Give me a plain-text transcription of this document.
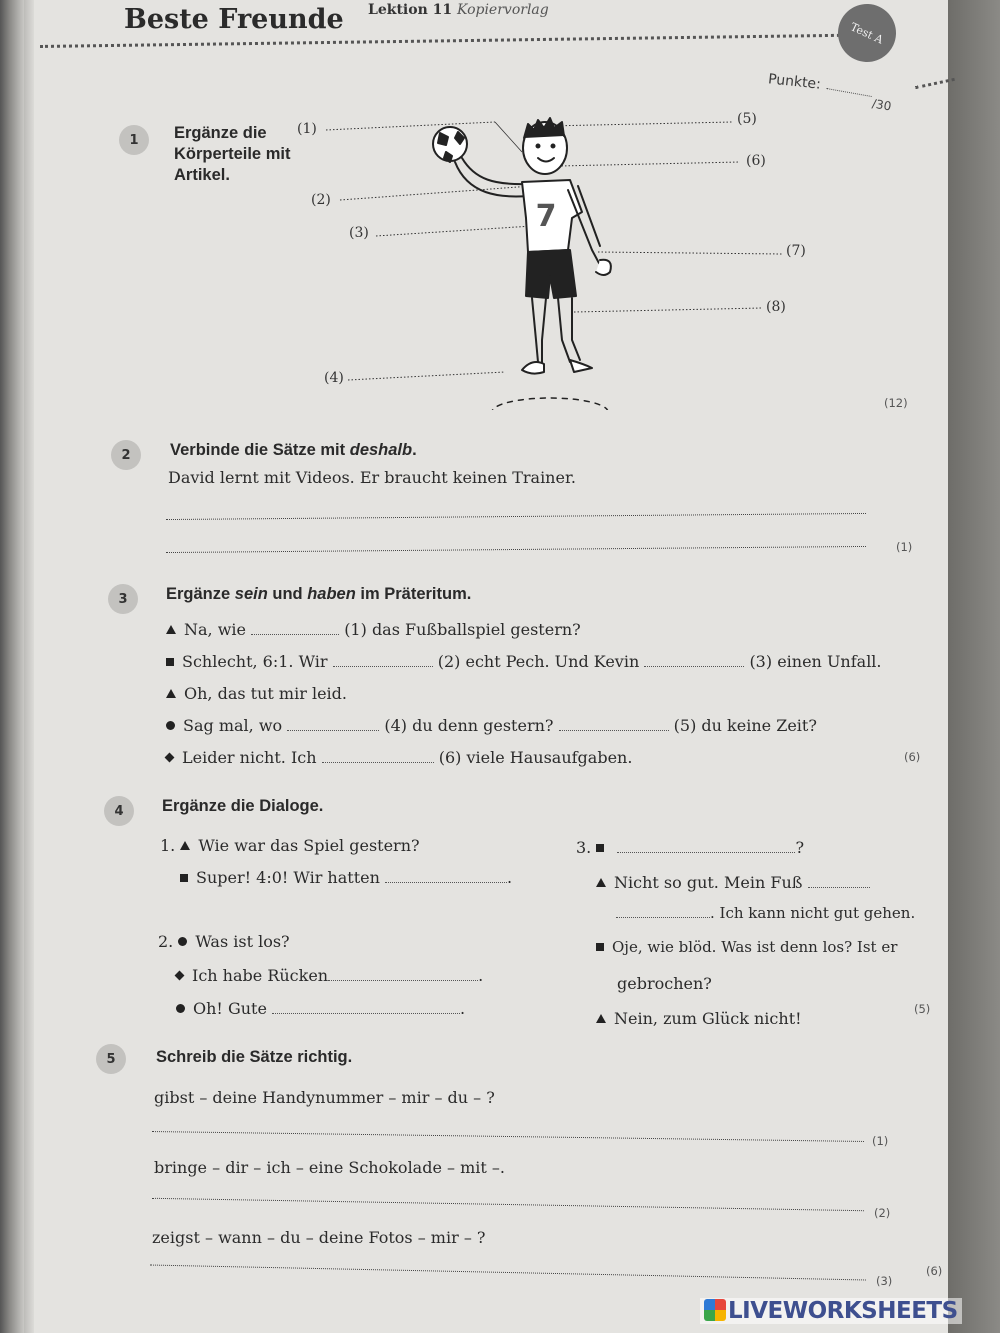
Beste Freunde Lektion 11 Kopiervorlag
Test A
Punkte:
/30
1	Ergänze die Körperteile mit Artikel.
7
(1)
(2)
(3)
(4)
(5)
(6)
(7)
(8)
(12)
2	Verbinde die Sätze mit deshalb.
David lernt mit Videos. Er braucht keinen Trainer.
(1)
3	Ergänze sein und haben im Präteritum.
Na, wie	(1) das Fußballspiel gestern?
Schlecht, 6:1. Wir	(2) echt Pech. Und Kevin	(3) einen Unfall.
Oh, das tut mir leid.
Sag mal, wo	(4) du denn gestern?	(5) du keine Zeit?
Leider nicht. Ich	(6) viele Hausaufgaben.	(6)
4	Ergänze die Dialoge.
1. Wie war das Spiel gestern?
Super! 4:0! Wir hatten	.
2. Was ist los?
Ich habe Rücken	.
Oh! Gute	.
3.	?
Nicht so gut. Mein Fuß
. Ich kann nicht gut gehen.
Oje, wie blöd. Was ist denn los? Ist er
gebrochen?
Nein, zum Glück nicht!	(5)
5	Schreib die Sätze richtig.
gibst – deine Handynummer – mir – du – ?
(1)
bringe – dir – ich – eine Schokolade – mit –.
(2)
zeigst – wann – du – deine Fotos – mir – ?
(3)
(6)
LIVEWORKSHEETS
